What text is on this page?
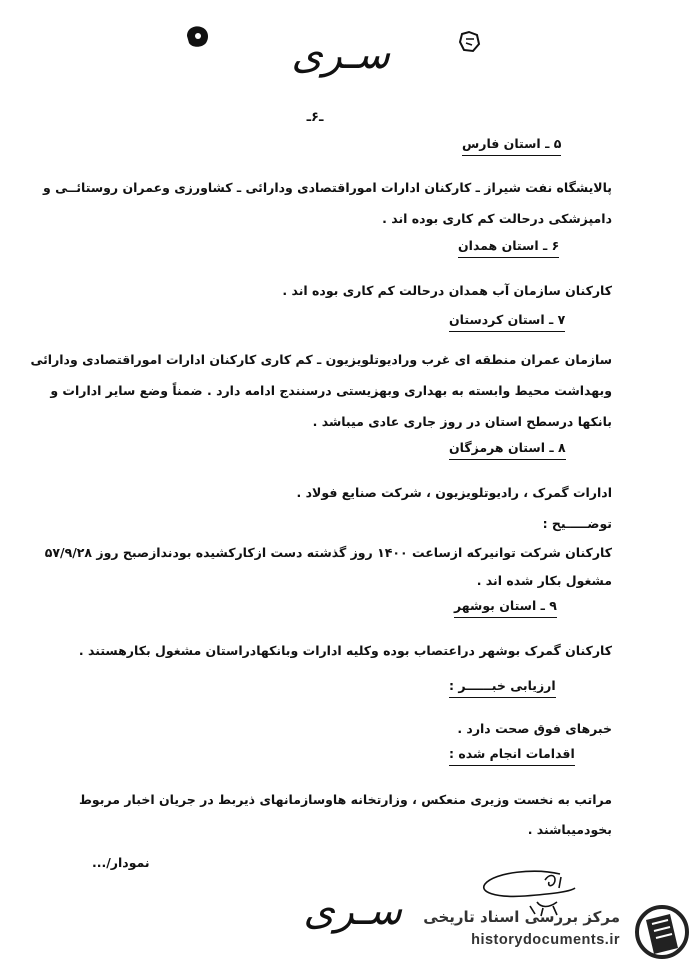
سـری
ـ۶ـ
۵ ـ استان فارس
پالایشگاه نفت شیراز ـ کارکنان ادارات اموراقتصادی ودارائی ـ کشاورزی وعمران روستائــی و
دامپزشکی درحالت کم کاری بوده اند .
۶ ـ استان همدان
کارکنان سازمان آب همدان درحالت کم کاری بوده اند .
۷ ـ استان کردستان
سازمان عمران منطقه ای غرب ورادیوتلویزیون ـ کم کاری کارکنان ادارات اموراقتصادی ودارائی
وبهداشت محیط وابسته به بهداری وبهزیستی درسنندج ادامه دارد . ضمناً وضع سایر ادارات و
بانکها درسطح استان در روز جاری عادی میباشد .
۸ ـ استان هرمزگان
ادارات گمرک ، رادیوتلویزیون ، شرکت صنایع فولاد .
توضـــــیح :
کارکنان شرکت توانیرکه ازساعت ۱۴۰۰ روز گذشته دست ازکارکشیده بودندازصبح روز ۵۷/۹/۲۸
مشغول بکار شده اند .
۹ ـ استان بوشهر
کارکنان گمرک بوشهر دراعتصاب بوده وکلیه ادارات وبانکهادراستان مشغول بکارهستند .
ارزیابی خبــــــر :
خبرهای فوق صحت دارد .
اقدامات انجام شده :
مراتب به نخست وزیری منعکس ، وزارتخانه هاوسازمانهای ذیربط در جریان اخبار مربوط
بخودمیباشند .
نمودار/...
سـری مرکز بررسی اسناد تاریخی
historydocuments.ir
